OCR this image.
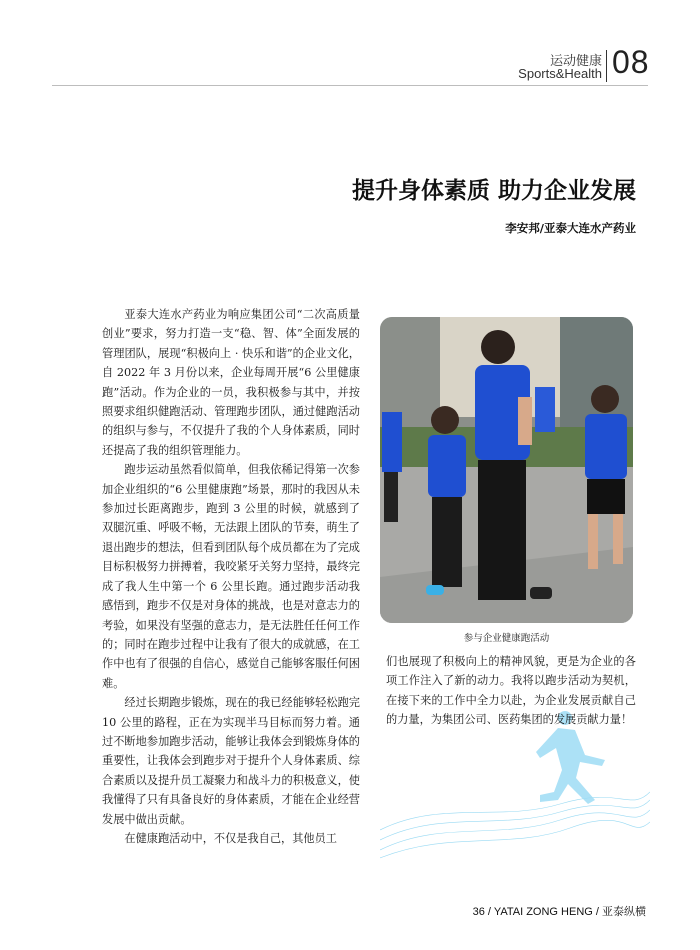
运动健康
Sports&Health 08
提升身体素质 助力企业发展
李安邦/亚泰大连水产药业

亚泰大连水产药业为响应集团公司“二次高质量创业”要求，努力打造一支“稳、智、体”全面发展的管理团队，展现“积极向上 · 快乐和谐”的企业文化，自 2022 年 3 月份以来，企业每周开展“6 公里健康跑”活动。作为企业的一员，我积极参与其中，并按照要求组织健跑活动、管理跑步团队，通过健跑活动的组织与参与，不仅提升了我的个人身体素质，同时还提高了我的组织管理能力。

跑步运动虽然看似简单，但我依稀记得第一次参加企业组织的“6 公里健康跑”场景，那时的我因从未参加过长距离跑步，跑到 3 公里的时候，就感到了双腿沉重、呼吸不畅，无法跟上团队的节奏，萌生了退出跑步的想法，但看到团队每个成员都在为了完成目标积极努力拼搏着，我咬紧牙关努力坚持，最终完成了我人生中第一个 6 公里长跑。通过跑步活动我感悟到，跑步不仅是对身体的挑战，也是对意志力的考验，如果没有坚强的意志力，是无法胜任任何工作的；同时在跑步过程中让我有了很大的成就感，在工作中也有了很强的自信心，感觉自己能够客服任何困难。

经过长期跑步锻炼，现在的我已经能够轻松跑完 10 公里的路程，正在为实现半马目标而努力着。通过不断地参加跑步活动，能够让我体会到锻炼身体的重要性，让我体会到跑步对于提升个人身体素质、综合素质以及提升员工凝聚力和战斗力的积极意义，使我懂得了只有具备良好的身体素质，才能在企业经营发展中做出贡献。

在健康跑活动中，不仅是我自己，其他员工

参与企业健康跑活动

们也展现了积极向上的精神风貌，更是为企业的各项工作注入了新的动力。我将以跑步活动为契机，在接下来的工作中全力以赴，为企业发展贡献自己的力量，为集团公司、医药集团的发展贡献力量！

36 / YATAI ZONG HENG / 亚泰纵横
